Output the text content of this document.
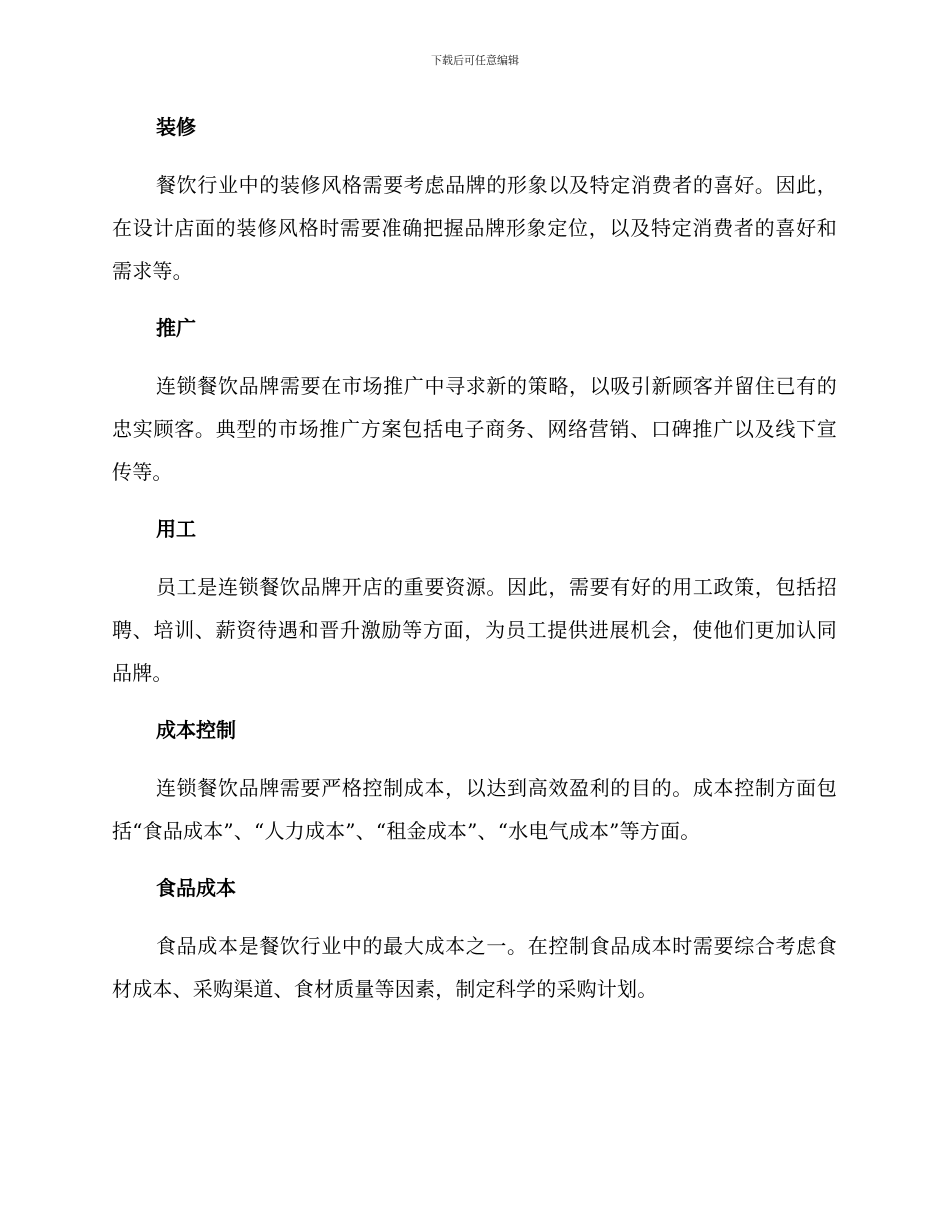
下载后可任意编辑
装修

餐饮行业中的装修风格需要考虑品牌的形象以及特定消费者的喜好。因此，在设计店面的装修风格时需要准确把握品牌形象定位，以及特定消费者的喜好和需求等。

推广

连锁餐饮品牌需要在市场推广中寻求新的策略，以吸引新顾客并留住已有的忠实顾客。典型的市场推广方案包括电子商务、网络营销、口碑推广以及线下宣传等。

用工

员工是连锁餐饮品牌开店的重要资源。因此，需要有好的用工政策，包括招聘、培训、薪资待遇和晋升激励等方面，为员工提供进展机会，使他们更加认同品牌。

成本控制

连锁餐饮品牌需要严格控制成本，以达到高效盈利的目的。成本控制方面包括“食品成本”、“人力成本”、“租金成本”、“水电气成本”等方面。

食品成本

食品成本是餐饮行业中的最大成本之一。在控制食品成本时需要综合考虑食材成本、采购渠道、食材质量等因素，制定科学的采购计划。
